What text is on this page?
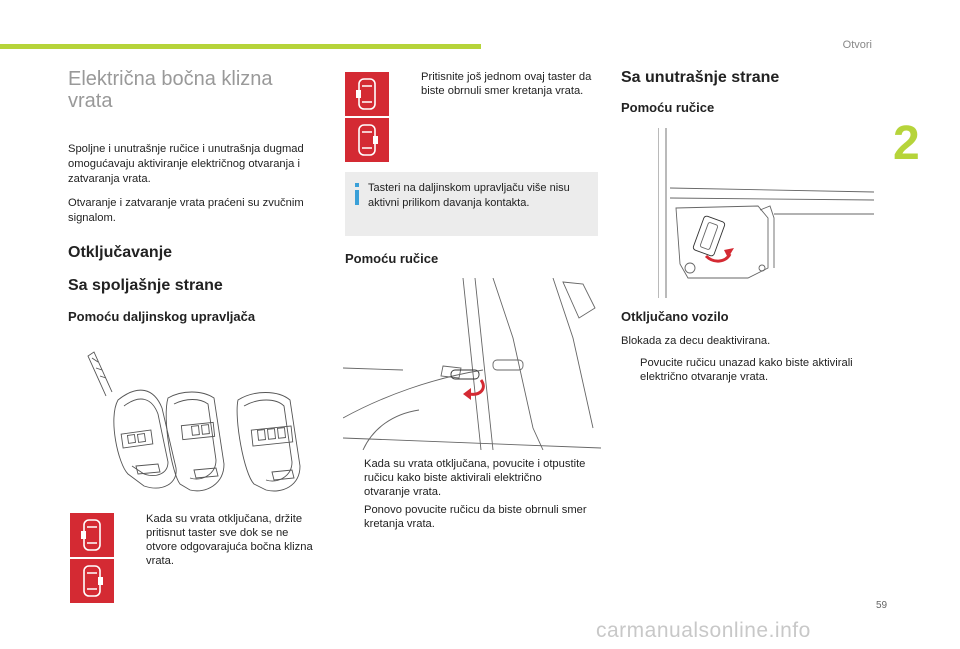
Otvori
2
Električna bočna klizna vrata

Spoljne i unutrašnje ručice i unutrašnja dugmad omogućavaju aktiviranje električnog otvaranja i zatvaranja vrata.

Otvaranje i zatvaranje vrata praćeni su zvučnim signalom.

Otključavanje
Sa spoljašnje strane
Pomoću daljinskog upravljača
Kada su vrata otključana, držite pritisnut taster sve dok se ne otvore odgovarajuća bočna klizna vrata.
Pritisnite još jednom ovaj taster da biste obrnuli smer kretanja vrata.
Tasteri na daljinskom upravljaču više nisu aktivni prilikom davanja kontakta.
Pomoću ručice
Kada su vrata otključana, povucite i otpustite ručicu kako biste aktivirali električno otvaranje vrata.
Ponovo povucite ručicu da biste obrnuli smer kretanja vrata.
Sa unutrašnje strane
Pomoću ručice
Otključano vozilo

Blokada za decu deaktivirana.

Povucite ručicu unazad kako biste aktivirali električno otvaranje vrata.
59
carmanualsonline.info
